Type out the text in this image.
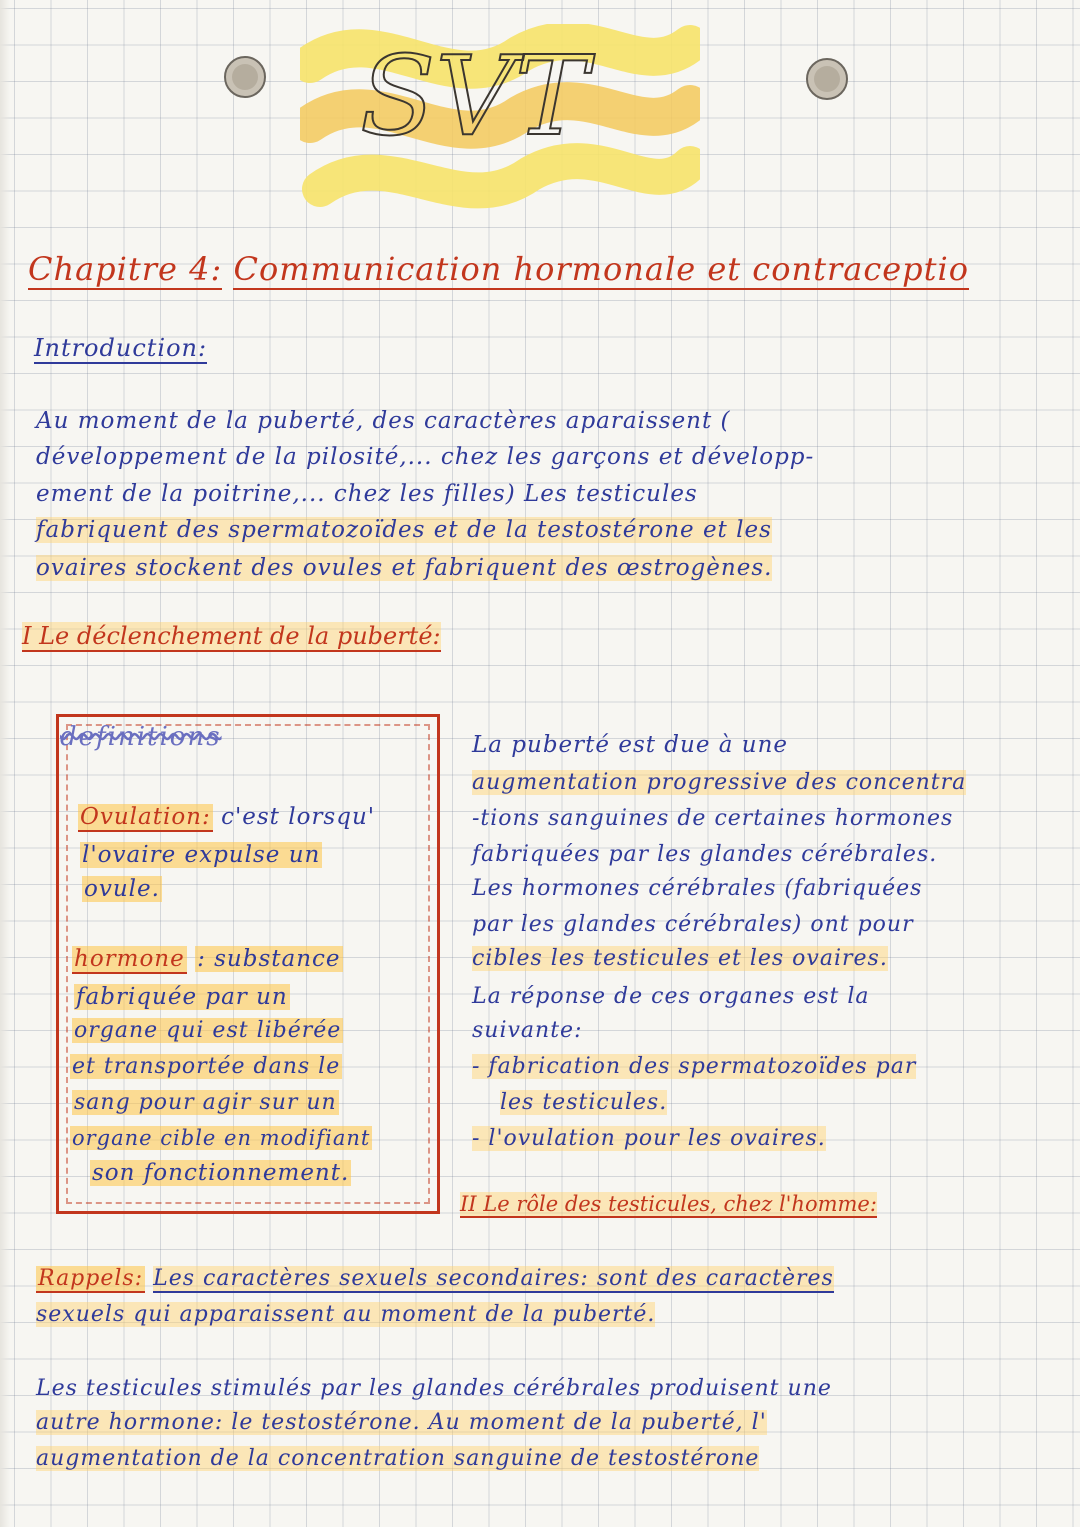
SVT
Chapitre 4: Communication hormonale et contraceptio
Introduction:
Au moment de la puberté, des caractères aparaissent (
développement de la pilosité,... chez les garçons et développ-
ement de la poitrine,... chez les filles) Les testicules
fabriquent des spermatozoïdes et de la testostérone et les
ovaires stockent des ovules et fabriquent des œstrogènes.
I Le déclenchement de la puberté:
definitions
Ovulation: c'est lorsqu'
l'ovaire expulse un
ovule.
hormone : substance
fabriquée par un
organe qui est libérée
et transportée dans le
sang pour agir sur un
organe cible en modifiant
son fonctionnement.
La puberté est due à une
augmentation progressive des concentra
-tions sanguines de certaines hormones
fabriquées par les glandes cérébrales.
Les hormones cérébrales (fabriquées
par les glandes cérébrales) ont pour
cibles les testicules et les ovaires.
La réponse de ces organes est la
suivante:
- fabrication des spermatozoïdes par
les testicules.
- l'ovulation pour les ovaires.
II Le rôle des testicules, chez l'homme:
Rappels: Les caractères sexuels secondaires: sont des caractères
sexuels qui apparaissent au moment de la puberté.
Les testicules stimulés par les glandes cérébrales produisent une
autre hormone: le testostérone. Au moment de la puberté, l'
augmentation de la concentration sanguine de testostérone
